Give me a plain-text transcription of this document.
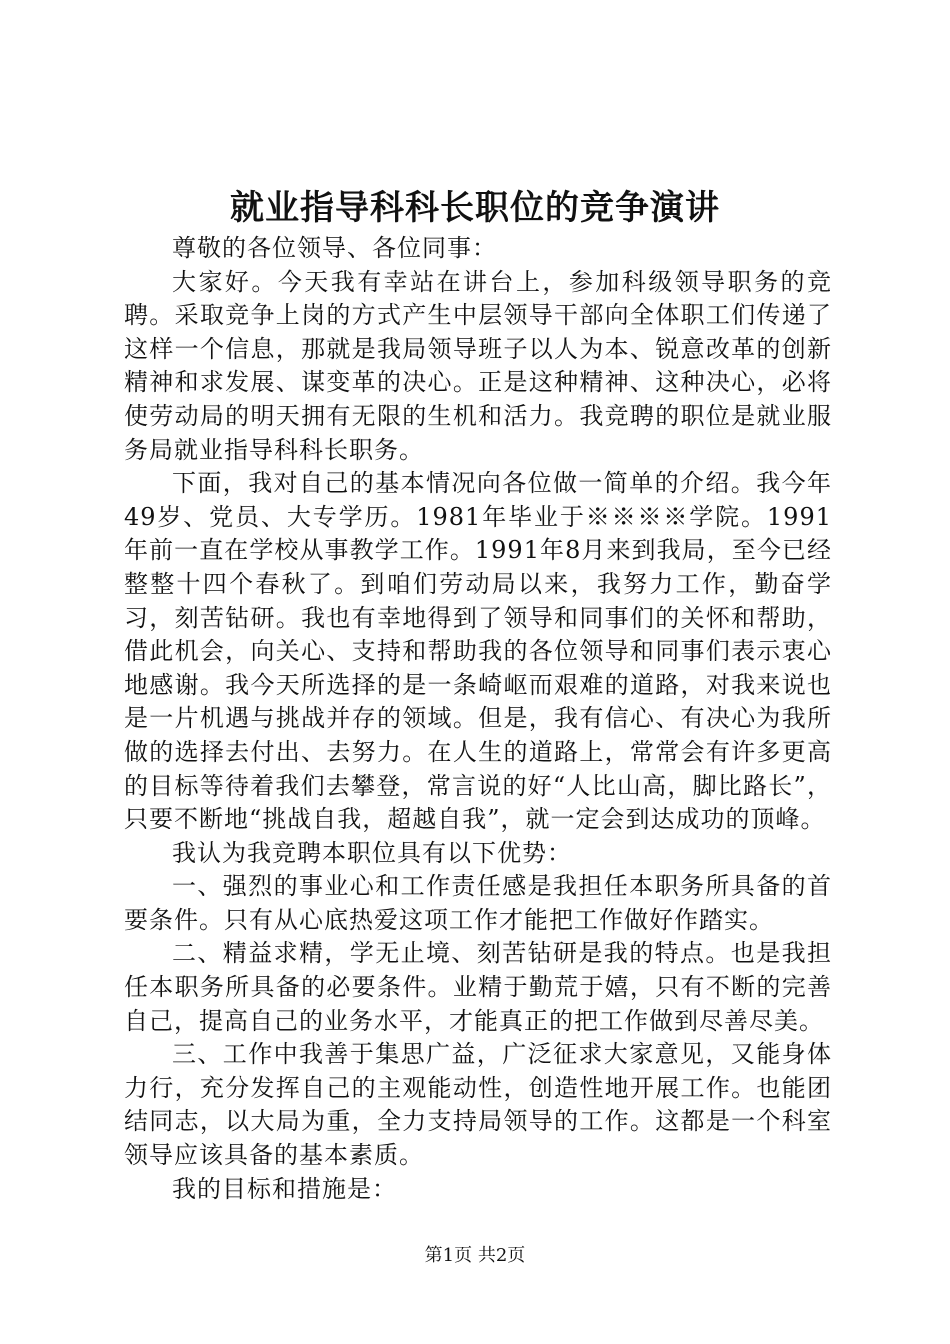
就业指导科科长职位的竞争演讲

尊敬的各位领导、各位同事：

大家好。今天我有幸站在讲台上，参加科级领导职务的竞聘。采取竞争上岗的方式产生中层领导干部向全体职工们传递了这样一个信息，那就是我局领导班子以人为本、锐意改革的创新精神和求发展、谋变革的决心。正是这种精神、这种决心，必将使劳动局的明天拥有无限的生机和活力。我竞聘的职位是就业服务局就业指导科科长职务。

下面，我对自己的基本情况向各位做一简单的介绍。我今年49岁、党员、大专学历。1981年毕业于※※※※学院。1991年前一直在学校从事教学工作。1991年8月来到我局，至今已经整整十四个春秋了。到咱们劳动局以来，我努力工作，勤奋学习，刻苦钻研。我也有幸地得到了领导和同事们的关怀和帮助，借此机会，向关心、支持和帮助我的各位领导和同事们表示衷心地感谢。我今天所选择的是一条崎岖而艰难的道路，对我来说也是一片机遇与挑战并存的领域。但是，我有信心、有决心为我所做的选择去付出、去努力。在人生的道路上，常常会有许多更高的目标等待着我们去攀登，常言说的好“人比山高，脚比路长”，只要不断地“挑战自我，超越自我”，就一定会到达成功的顶峰。

我认为我竞聘本职位具有以下优势：

一、强烈的事业心和工作责任感是我担任本职务所具备的首要条件。只有从心底热爱这项工作才能把工作做好作踏实。

二、精益求精，学无止境、刻苦钻研是我的特点。也是我担任本职务所具备的必要条件。业精于勤荒于嬉，只有不断的完善自己，提高自己的业务水平，才能真正的把工作做到尽善尽美。

三、工作中我善于集思广益，广泛征求大家意见，又能身体力行，充分发挥自己的主观能动性，创造性地开展工作。也能团结同志，以大局为重，全力支持局领导的工作。这都是一个科室领导应该具备的基本素质。

我的目标和措施是：

第1页 共2页
